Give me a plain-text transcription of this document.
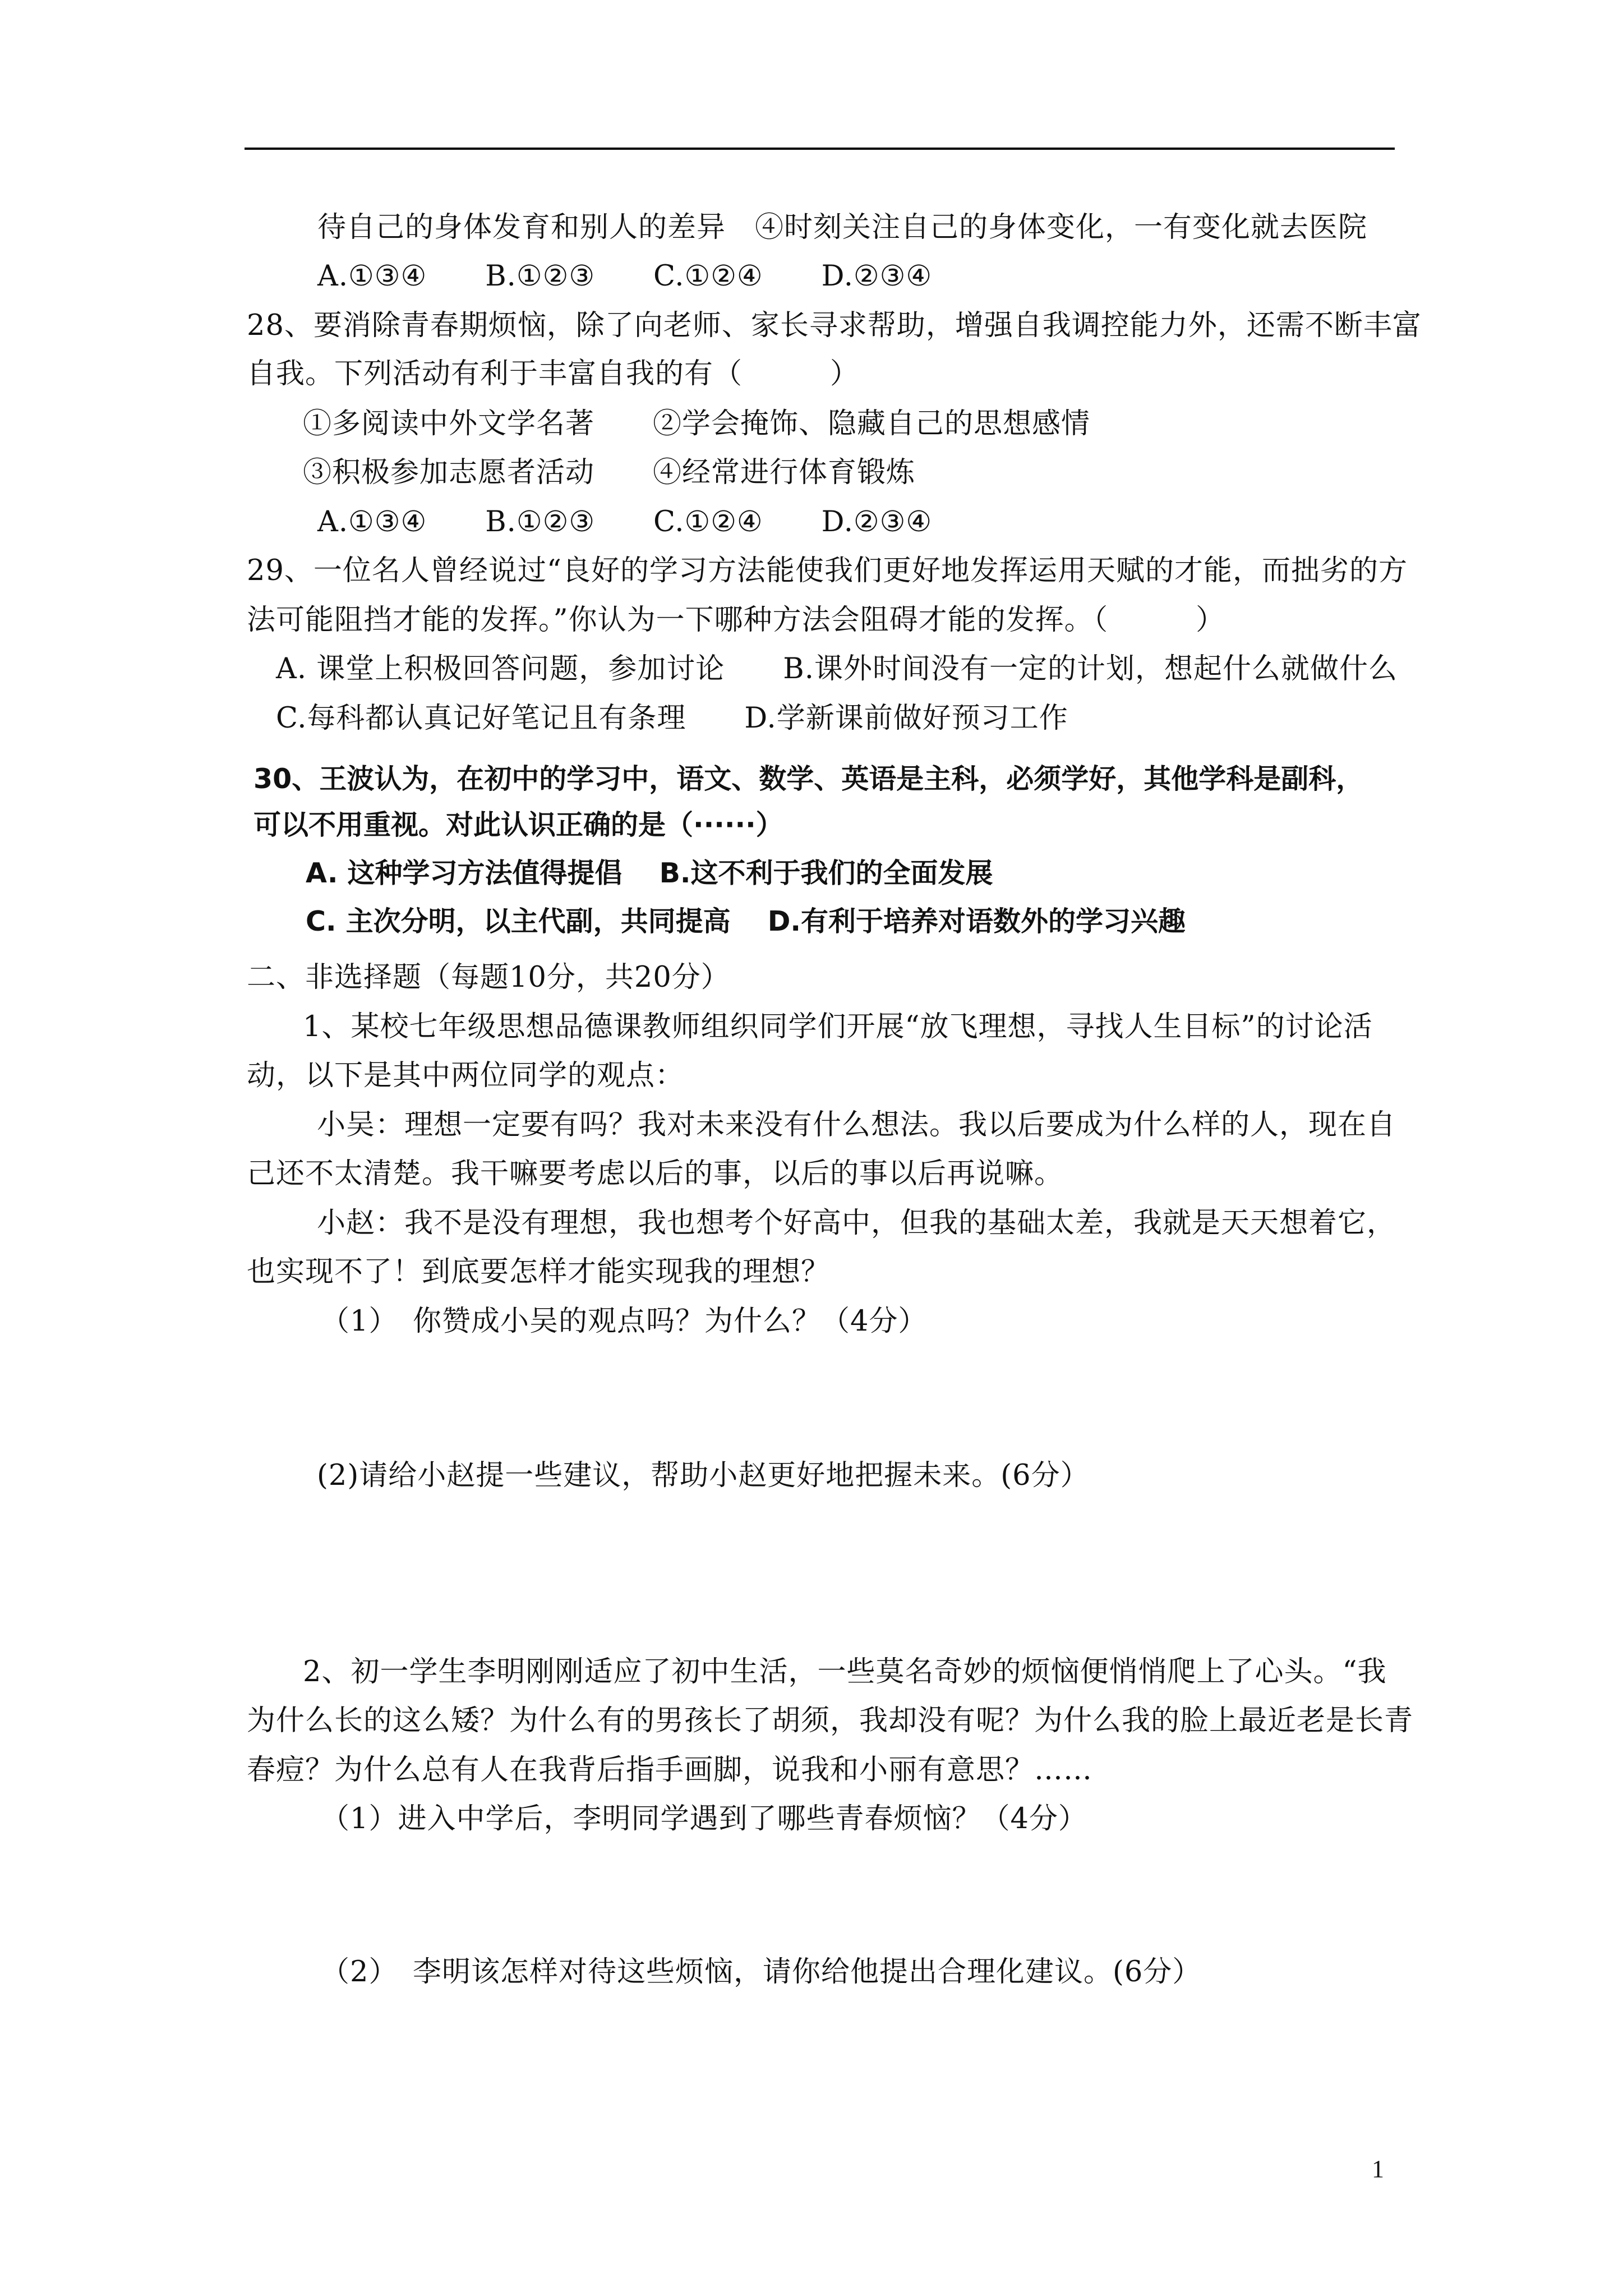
待自己的身体发育和别人的差异　④时刻关注自己的身体变化，一有变化就去医院
A.①③④　　B.①②③　　C.①②④　　D.②③④
28、要消除青春期烦恼，除了向老师、家长寻求帮助，增强自我调控能力外，还需不断丰富
自我。下列活动有利于丰富自我的有（　　　）
①多阅读中外文学名著　　②学会掩饰、隐藏自己的思想感情
③积极参加志愿者活动　　④经常进行体育锻炼
A.①③④　　B.①②③　　C.①②④　　D.②③④
29、一位名人曾经说过“良好的学习方法能使我们更好地发挥运用天赋的才能，而拙劣的方
法可能阻挡才能的发挥。”你认为一下哪种方法会阻碍才能的发挥。（　　　）
A. 课堂上积极回答问题，参加讨论　　B.课外时间没有一定的计划，想起什么就做什么
C.每科都认真记好笔记且有条理　　D.学新课前做好预习工作
30、王波认为，在初中的学习中，语文、数学、英语是主科，必须学好，其他学科是副科，
可以不用重视。对此认识正确的是（······）
A. 这种学习方法值得提倡　 B.这不利于我们的全面发展
C. 主次分明，以主代副，共同提高　 D.有利于培养对语数外的学习兴趣
二、非选择题（每题10分，共20分）
1、某校七年级思想品德课教师组织同学们开展“放飞理想，寻找人生目标”的讨论活
动，以下是其中两位同学的观点：
小吴：理想一定要有吗？我对未来没有什么想法。我以后要成为什么样的人，现在自
己还不太清楚。我干嘛要考虑以后的事，以后的事以后再说嘛。
小赵：我不是没有理想，我也想考个好高中，但我的基础太差，我就是天天想着它，
也实现不了！到底要怎样才能实现我的理想？
（1）　你赞成小吴的观点吗？为什么？（4分）
(2)请给小赵提一些建议，帮助小赵更好地把握未来。(6分）
2、初一学生李明刚刚适应了初中生活，一些莫名奇妙的烦恼便悄悄爬上了心头。“我
为什么长的这么矮？为什么有的男孩长了胡须，我却没有呢？为什么我的脸上最近老是长青
春痘？为什么总有人在我背后指手画脚，说我和小丽有意思？……
（1）进入中学后，李明同学遇到了哪些青春烦恼？（4分）
（2）　李明该怎样对待这些烦恼，请你给他提出合理化建议。(6分）
1
